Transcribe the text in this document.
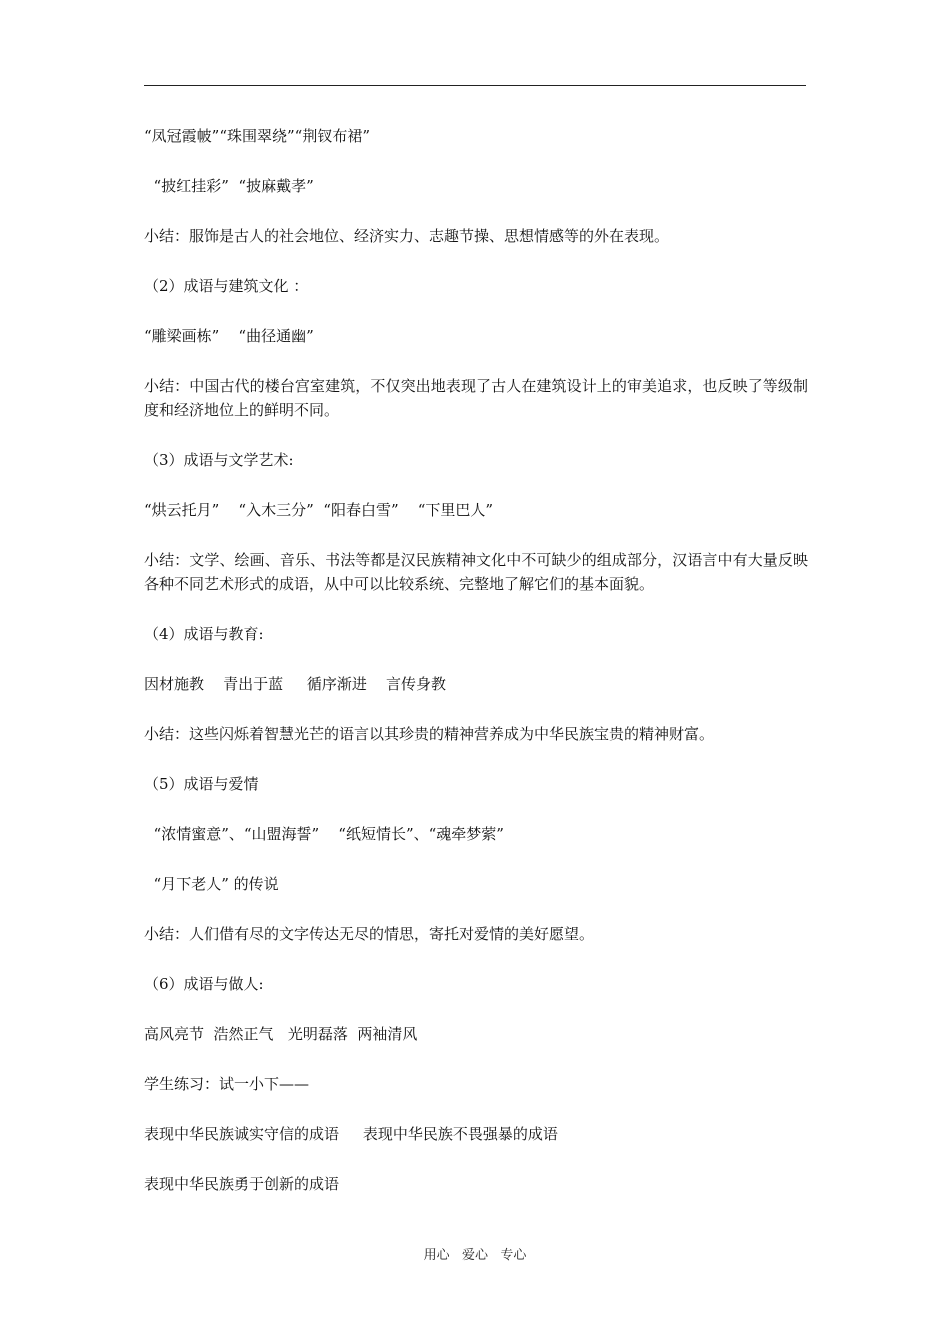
“凤冠霞帔”“珠围翠绕”“荆钗布裙”
“披红挂彩”  “披麻戴孝”
小结：服饰是古人的社会地位、经济实力、志趣节操、思想情感等的外在表现。
（2）成语与建筑文化 ：
“雕梁画栋”    “曲径通幽”
小结：中国古代的楼台宫室建筑，不仅突出地表现了古人在建筑设计上的审美追求，也反映了等级制度和经济地位上的鲜明不同。
（3）成语与文学艺术:
“烘云托月”    “入木三分”  “阳春白雪”    “下里巴人”
小结：文学、绘画、音乐、书法等都是汉民族精神文化中不可缺少的组成部分，汉语言中有大量反映各种不同艺术形式的成语，从中可以比较系统、完整地了解它们的基本面貌。
（4）成语与教育:
因材施教    青出于蓝     循序渐进    言传身教
小结：这些闪烁着智慧光芒的语言以其珍贵的精神营养成为中华民族宝贵的精神财富。
（5）成语与爱情
“浓情蜜意”、“山盟海誓”    “纸短情长”、“魂牵梦萦”
“月下老人” 的传说
小结：人们借有尽的文字传达无尽的情思，寄托对爱情的美好愿望。
（6）成语与做人:
高风亮节  浩然正气   光明磊落  两袖清风
学生练习：试一小下——
表现中华民族诚实守信的成语     表现中华民族不畏强暴的成语
表现中华民族勇于创新的成语
用心   爱心   专心
